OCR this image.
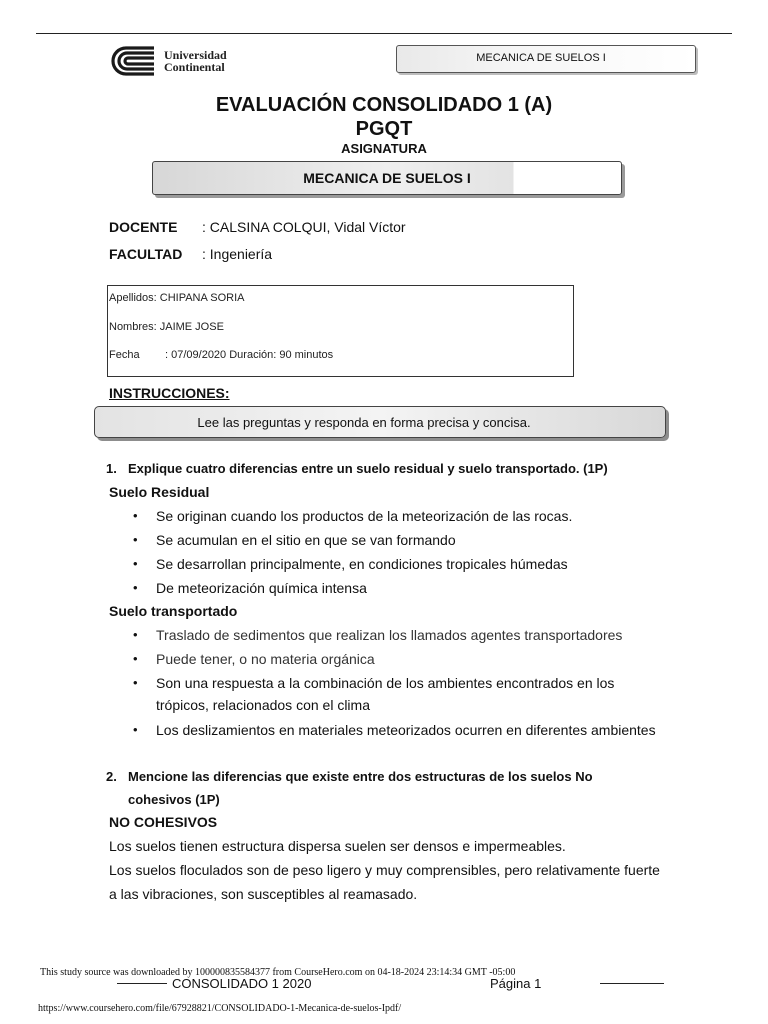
Universidad
Continental
MECANICA DE SUELOS I
EVALUACIÓN CONSOLIDADO 1 (A)
PGQT
ASIGNATURA
MECANICA DE SUELOS I
DOCENTE : CALSINA COLQUI, Vidal Víctor
FACULTAD : Ingeniería
Apellidos: CHIPANA SORIA
Nombres: JAIME JOSE
Fecha : 07/09/2020 Duración: 90 minutos
INSTRUCCIONES:
Lee las preguntas y responda en forma precisa y concisa.
1. Explique cuatro diferencias entre un suelo residual y suelo transportado. (1P)
Suelo Residual
• Se originan cuando los productos de la meteorización de las rocas.
• Se acumulan en el sitio en que se van formando
• Se desarrollan principalmente, en condiciones tropicales húmedas
• De meteorización química intensa
Suelo transportado
• Traslado de sedimentos que realizan los llamados agentes transportadores
• Puede tener, o no materia orgánica
• Son una respuesta a la combinación de los ambientes encontrados en los
trópicos, relacionados con el clima
• Los deslizamientos en materiales meteorizados ocurren en diferentes ambientes
2. Mencione las diferencias que existe entre dos estructuras de los suelos No
cohesivos (1P)
NO COHESIVOS
Los suelos tienen estructura dispersa suelen ser densos e impermeables.
Los suelos floculados son de peso ligero y muy comprensibles, pero relativamente fuerte
a las vibraciones, son susceptibles al reamasado.
This study source was downloaded by 100000835584377 from CourseHero.com on 04-18-2024 23:14:34 GMT -05:00
CONSOLIDADO 1 2020	Página 1
https://www.coursehero.com/file/67928821/CONSOLIDADO-1-Mecanica-de-suelos-Ipdf/
